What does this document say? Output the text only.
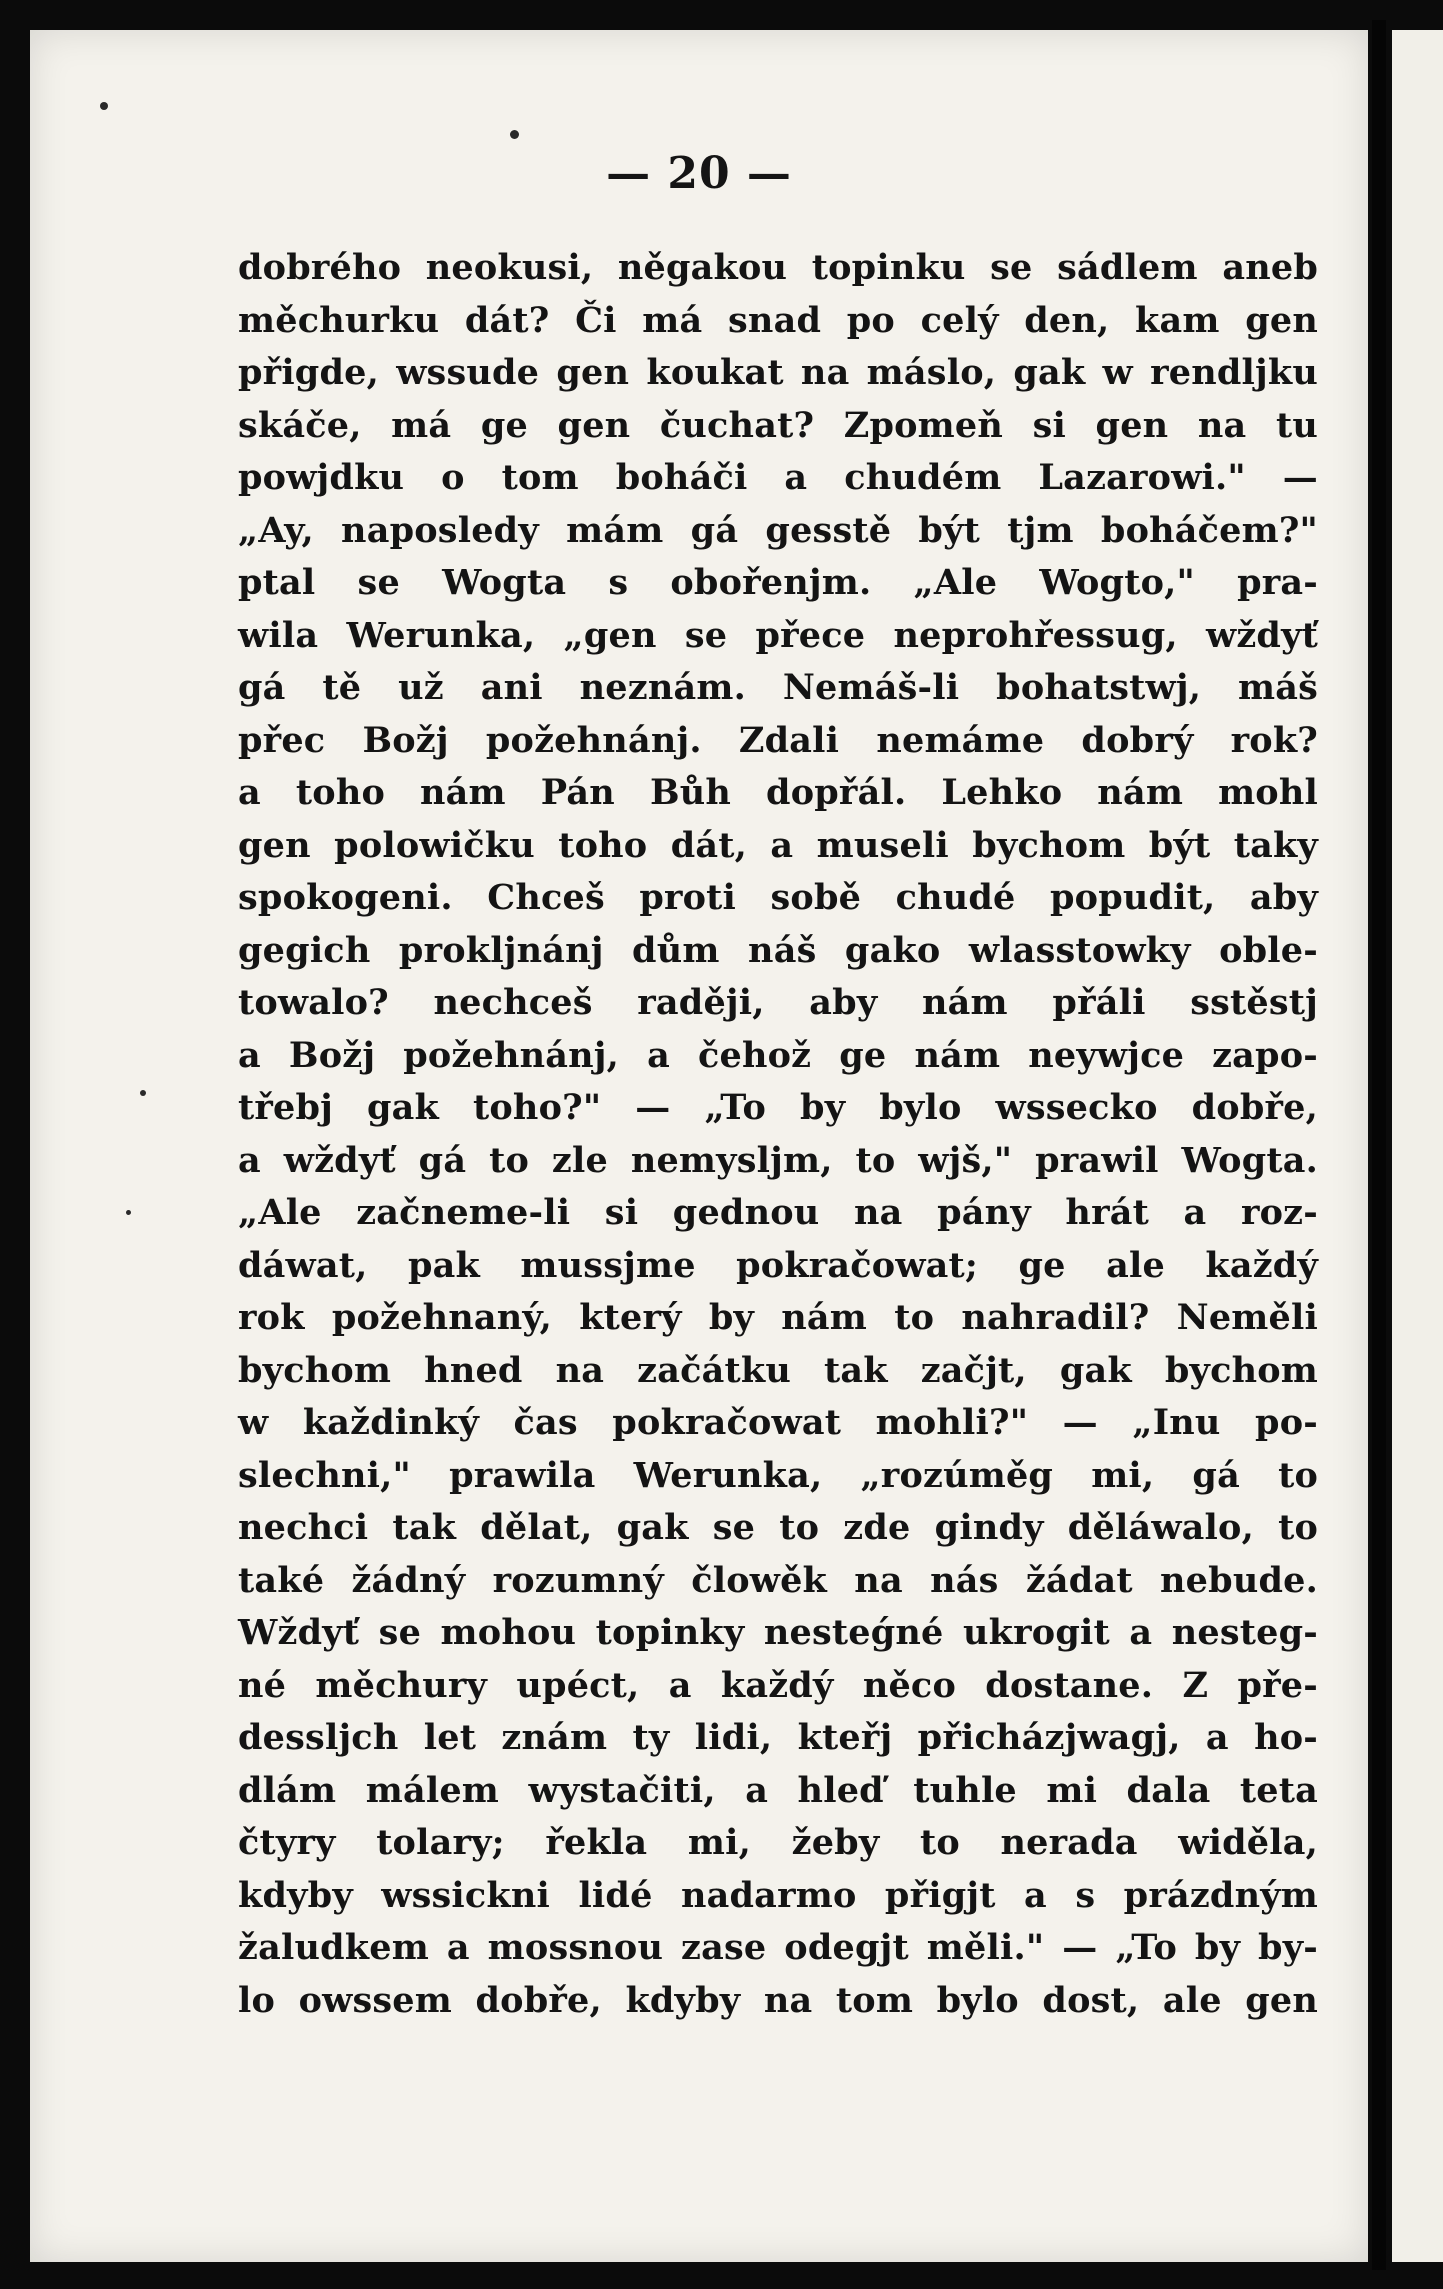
— 20 —
dobrého neokusi, něgakou topinku se sádlem aneb
měchurku dát? Či má snad po celý den, kam gen
přigde, wssude gen koukat na máslo, gak w rendljku
skáče, má ge gen čuchat? Zpomeň si gen na tu
powjdku o tom boháči a chudém Lazarowi." —
„Ay, naposledy mám gá gesstě být tjm boháčem?"
ptal se Wogta s obořenjm. „Ale Wogto," pra-
wila Werunka, „gen se přece neprohřessug, wždyť
gá tě už ani neznám. Nemáš-li bohatstwj, máš
přec Božj požehnánj. Zdali nemáme dobrý rok?
a toho nám Pán Bůh dopřál. Lehko nám mohl
gen polowičku toho dát, a museli bychom být taky
spokogeni. Chceš proti sobě chudé popudit, aby
gegich prokljnánj dům náš gako wlasstowky oble-
towalo? nechceš raději, aby nám přáli sstěstj
a Božj požehnánj, a čehož ge nám neywjce zapo-
třebj gak toho?" — „To by bylo wssecko dobře,
a wždyť gá to zle nemyslјm, to wjš," prawil Wogta.
„Ale začneme-li si gednou na pány hrát a roz-
dáwat, pak mussjme pokračowat; ge ale každý
rok požehnaný, který by nám to nahradil? Neměli
bychom hned na začátku tak začjt, gak bychom
w každinký čas pokračowat mohli?" — „Inu po-
slechni," prawila Werunka, „rozúměg mi, gá to
nechci tak dělat, gak se to zde gindy děláwalo, to
také žádný rozumný člowěk na nás žádat nebude.
Wždyť se mohou topinky nesteǵné ukrogit a nesteg-
né měchury upéct, a každý něco dostane. Z pře-
dessljch let znám ty lidi, kteřj přicházjwagj, a ho-
dlám málem wystačiti, a hleď tuhle mi dala teta
čtyry tolary; řekla mi, žeby to nerada widěla,
kdyby wssickni lidé nadarmo přigjt a s prázdným
žaludkem a mossnou zase odegjt měli." — „To by by-
lo owssem dobře, kdyby na tom bylo dost, ale gen
